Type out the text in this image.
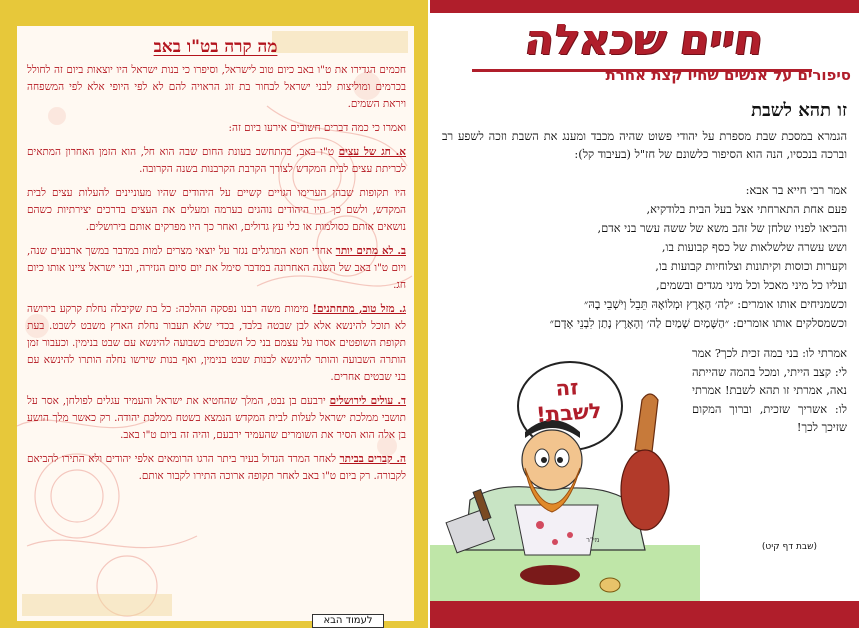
מה קרה בט"ו באב

חכמים הגדירו את ט"ו באב כיום טוב לישראל, וסיפרו כי בנות ישראל היו יוצאות ביום זה לחולל בכרמים ומוליצות לבני ישראל לבחור בת זוג הראויה להם לא לפי היופי אלא לפי המשפחה ויראת השמים.

ואמרו כי כמה דברים חשובים אירעו ביום זה:

א. חג של עצים ט"ו באב, בהתחשב בעונת החום שבה הוא חל, הוא הזמן האחרון המתאים לכריתת עצים לבית המקדש לצורך הקרבת הקרבנות בשנה הקרובה.

היו תקופות שבהן הערימו הגויים קשיים על היהודים שהיו מעוניינים להעלות עצים לבית המקדש, ולשם כך היו היהודים נוהגים בערמה ומעלים את העצים בדרכים יצירתיות כשהם נושאים אותם כסולמות או כלי עץ גדולים, ואחר כך היו מפרקים אותם בירושלים.

ב. לא מתים יותר אחרי חטא המרגלים נגזר על יוצאי מצרים למות במדבר במשך ארבעים שנה, ויום ט"ו באב של השנה האחרונה במדבר סימל את יום סיום הגזירה, ובני ישראל ציינו אותו כיום חג.

ג. מזל טוב, מתחתנים! מימות משה רבנו נפסקה ההלכה: כל בת שקיבלה נחלת קרקע בירושה לא תוכל להינשא אלא לבן שבטה בלבד, בכדי שלא תעבור נחלת הארץ משבט לשבט. בעת תקופת השופטים אסרו על עצמם בני כל השבטים בשבועה להינשא עם שבט בנימין. וכעבור זמן הותרה השבועה והותר להינשא לבנות שבט בנימין, ואף בנות שירשו נחלה הותרו להינשא עם בני שבטים אחרים.

ד. עולים לירושלים ירבעם בן נבט, המלך שהחטיא את ישראל והעמיד עגלים לפולחן, אסר על תושבי ממלכת ישראל לעלות לבית המקדש הנמצא בשטח ממלכת יהודה. רק כאשר מלך הושע בן אלה הוא הסיר את השומרים שהעמיד ירבעם, והיה זה ביום ט"ו באב.

ה. קברים בביתר לאחר המרד הגדול בעיר ביתר הרגו הרומאים אלפי יהודים ולא התירו להביאם לקבורה. רק ביום ט"ו באב לאחר תקופה ארוכה התירו לקבור אותם.

לעמוד הבא
חיים שכאלה
סיפורים על אנשים שחיו קצת אחרת
זו תהא לשבת
הגמרא במסכת שבת מספרת על יהודי פשוט שהיה מכבד ומענג את השבת וזכה לשפע רב וברכה בנכסיו, הנה הוא הסיפור כלשונם של חז"ל (בעיבוד קל):
אמר רבי חייא בר אבא:
פעם אחת התארחתי אצל בעל הבית בלודקיא,
והביאו לפניו שלחן של זהב משא של ששה עשר בני אדם,
ושש עשרה שלשלאות של כסף קבועות בו,
וקערות וכוסות וקיתונות וצלוחיות קבועות בו,
ועליו כל מיני מאכל וכל מיני מגדים ובשמים,
וכשמניחים אותו אומרים: ״לַה׳ הָאָרֶץ וּמְלוֹאָהּ תֵּבֵל וְיֹשְׁבֵי בָהּ״
וכשמסלקים אותו אומרים: ״הַשָּׁמַיִם שָׁמַיִם לַה׳ וְהָאָרֶץ נָתַן לִבְנֵי אָדָם״
זה לשבת!
מי"ר
אמרתי לו: בני במה זכית לכך? אמר לי: קצב הייתי, ומכל בהמה שהייתה נאה, אמרתי זו תהא לשבת! אמרתי לו: אשריך שזכית, וברוך המקום שזיכך לכך!
(שבת דף קיט)
